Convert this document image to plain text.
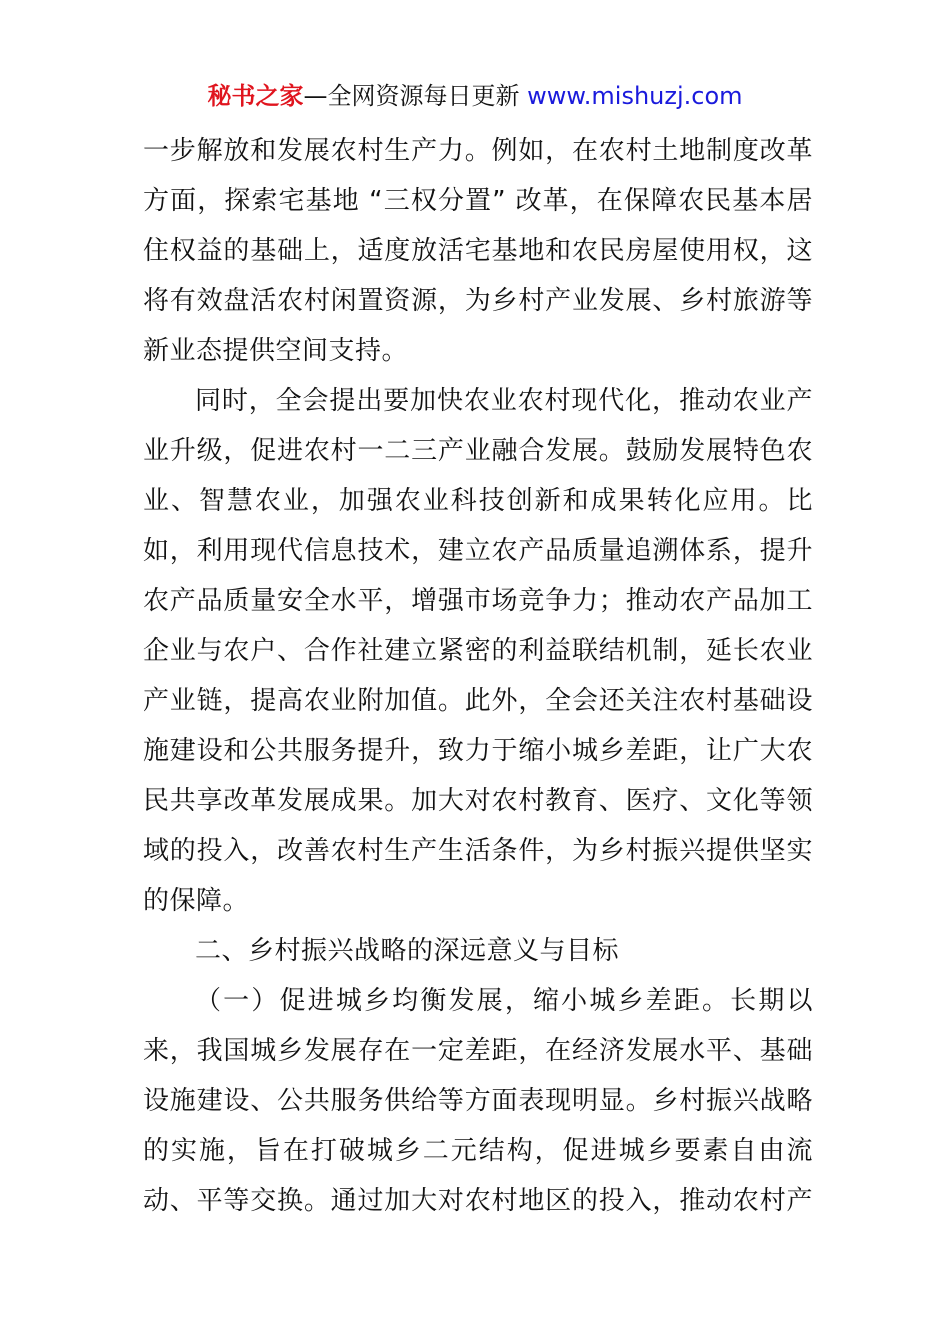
秘书之家—全网资源每日更新 www.mishuzj.com
一步解放和发展农村生产力。例如，在农村土地制度改革
方面，探索宅基地 “三权分置” 改革，在保障农民基本居
住权益的基础上，适度放活宅基地和农民房屋使用权，这
将有效盘活农村闲置资源，为乡村产业发展、乡村旅游等
新业态提供空间支持。
同时，全会提出要加快农业农村现代化，推动农业产
业升级，促进农村一二三产业融合发展。鼓励发展特色农
业、智慧农业，加强农业科技创新和成果转化应用。比
如，利用现代信息技术，建立农产品质量追溯体系，提升
农产品质量安全水平，增强市场竞争力；推动农产品加工
企业与农户、合作社建立紧密的利益联结机制，延长农业
产业链，提高农业附加值。此外，全会还关注农村基础设
施建设和公共服务提升，致力于缩小城乡差距，让广大农
民共享改革发展成果。加大对农村教育、医疗、文化等领
域的投入，改善农村生产生活条件，为乡村振兴提供坚实
的保障。
二、乡村振兴战略的深远意义与目标
（一）促进城乡均衡发展，缩小城乡差距。长期以
来，我国城乡发展存在一定差距，在经济发展水平、基础
设施建设、公共服务供给等方面表现明显。乡村振兴战略
的实施，旨在打破城乡二元结构，促进城乡要素自由流
动、平等交换。通过加大对农村地区的投入，推动农村产
